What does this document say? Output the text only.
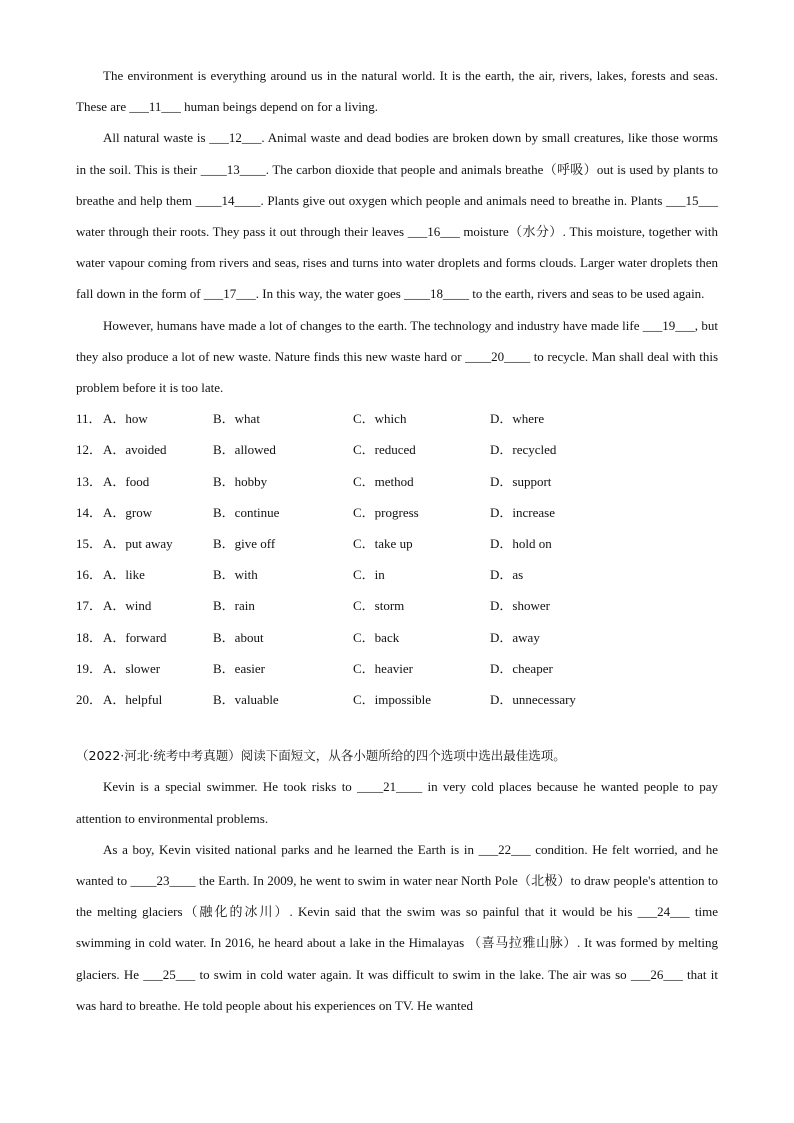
The environment is everything around us in the natural world. It is the earth, the air, rivers, lakes, forests and seas. These are ___11___ human beings depend on for a living.

All natural waste is ___12___. Animal waste and dead bodies are broken down by small creatures, like those worms in the soil. This is their ____13____. The carbon dioxide that people and animals breathe（呼吸）out is used by plants to breathe and help them ____14____. Plants give out oxygen which people and animals need to breathe in. Plants ___15___ water through their roots. They pass it out through their leaves ___16___ moisture（水分）. This moisture, together with water vapour coming from rivers and seas, rises and turns into water droplets and forms clouds. Larger water droplets then fall down in the form of ___17___. In this way, the water goes ____18____ to the earth, rivers and seas to be used again.

However, humans have made a lot of changes to the earth. The technology and industry have made life ___19___, but they also produce a lot of new waste. Nature finds this new waste hard or ____20____ to recycle. Man shall deal with this problem before it is too late.

11． A．how	B．what	C．which	D．where
12． A．avoided	B．allowed	C．reduced	D．recycled
13． A．food	B．hobby	C．method	D．support
14． A．grow	B．continue	C．progress	D．increase
15． A．put away	B．give off	C．take up	D．hold on
16． A．like	B．with	C．in	D．as
17． A．wind	B．rain	C．storm	D．shower
18． A．forward	B．about	C．back	D．away
19． A．slower	B．easier	C．heavier	D．cheaper
20． A．helpful	B．valuable	C．impossible	D．unnecessary

（2022·河北·统考中考真题）阅读下面短文，从各小题所给的四个选项中选出最佳选项。

Kevin is a special swimmer. He took risks to ____21____ in very cold places because he wanted people to pay attention to environmental problems.

As a boy, Kevin visited national parks and he learned the Earth is in ___22___ condition. He felt worried, and he wanted to ____23____ the Earth. In 2009, he went to swim in water near North Pole（北极）to draw people's attention to the melting glaciers（融化的冰川）. Kevin said that the swim was so painful that it would be his ___24___ time swimming in cold water. In 2016, he heard about a lake in the Himalayas （喜马拉雅山脉）. It was formed by melting glaciers. He ___25___ to swim in cold water again. It was difficult to swim in the lake. The air was so ___26___ that it was hard to breathe. He told people about his experiences on TV. He wanted
